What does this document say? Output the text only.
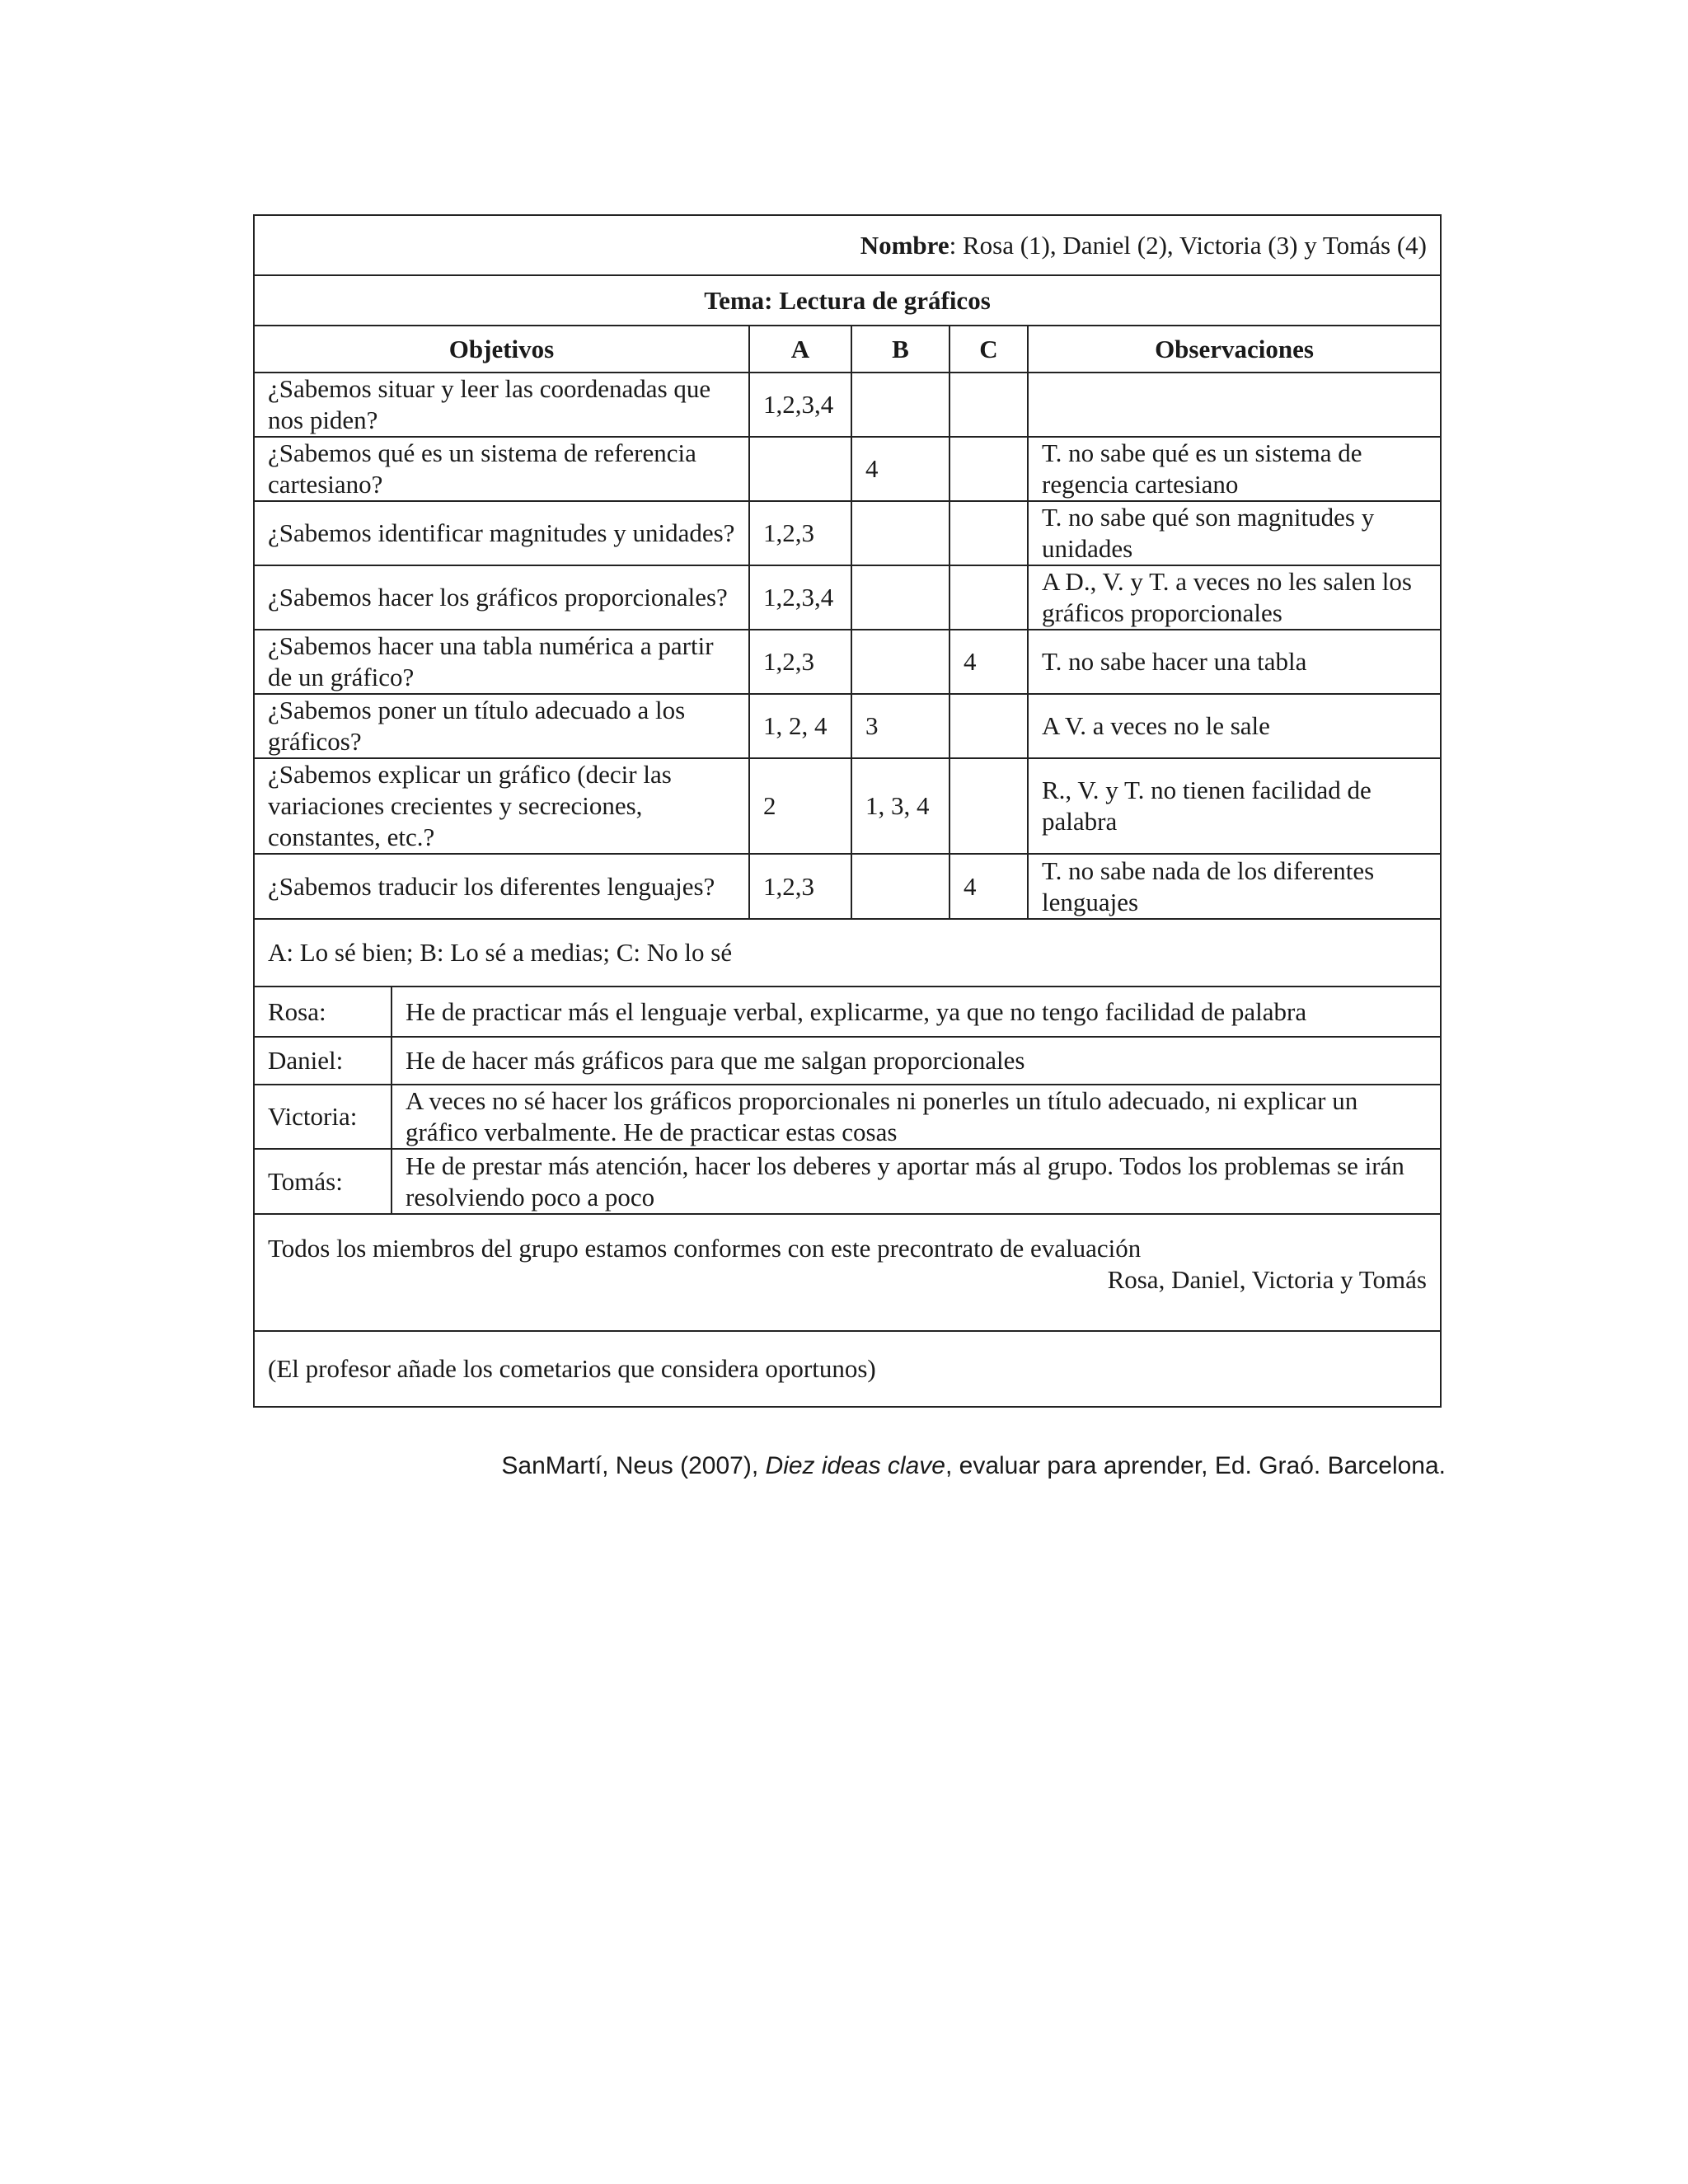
Nombre : Rosa (1), Daniel (2), Victoria (3) y Tomás (4)
Tema: Lectura de gráficos
Objetivos	A	B	C	Observaciones
¿Sabemos situar y leer las coordenadas que nos piden?	1,2,3,4			
¿Sabemos qué es un sistema de referencia cartesiano?		4		T. no sabe qué es un sistema de regencia cartesiano
¿Sabemos identificar magnitudes y unidades?	1,2,3			T. no sabe qué son magnitudes y unidades
¿Sabemos hacer los gráficos proporcionales?	1,2,3,4			A D., V. y T. a veces no les salen los gráficos proporcionales
¿Sabemos hacer una tabla numérica a partir de un gráfico?	1,2,3		4	T. no sabe hacer una tabla
¿Sabemos poner un título adecuado a los gráficos?	1, 2, 4	3		A V. a veces no le sale
¿Sabemos explicar un gráfico (decir las variaciones crecientes y secreciones, constantes, etc.?	2	1, 3, 4		R., V. y T. no tienen facilidad de palabra
¿Sabemos traducir los diferentes lenguajes?	1,2,3		4	T. no sabe nada de los diferentes lenguajes
A: Lo sé bien; B: Lo sé a medias; C: No lo sé
Rosa:	He de practicar más el lenguaje verbal, explicarme, ya que no tengo facilidad de palabra
Daniel:	He de hacer más gráficos para que me salgan proporcionales
Victoria:	A veces no sé hacer los gráficos proporcionales ni ponerles un título adecuado, ni explicar un gráfico verbalmente. He de practicar estas cosas
Tomás:	He de prestar más atención, hacer los deberes y aportar más al grupo. Todos los problemas se irán resolviendo poco a poco
Todos los miembros del grupo estamos conformes con este precontrato de evaluación
Rosa, Daniel, Victoria y Tomás
(El profesor añade los cometarios que considera oportunos)
SanMartí, Neus (2007), Diez ideas clave, evaluar para aprender, Ed. Graó. Barcelona.
